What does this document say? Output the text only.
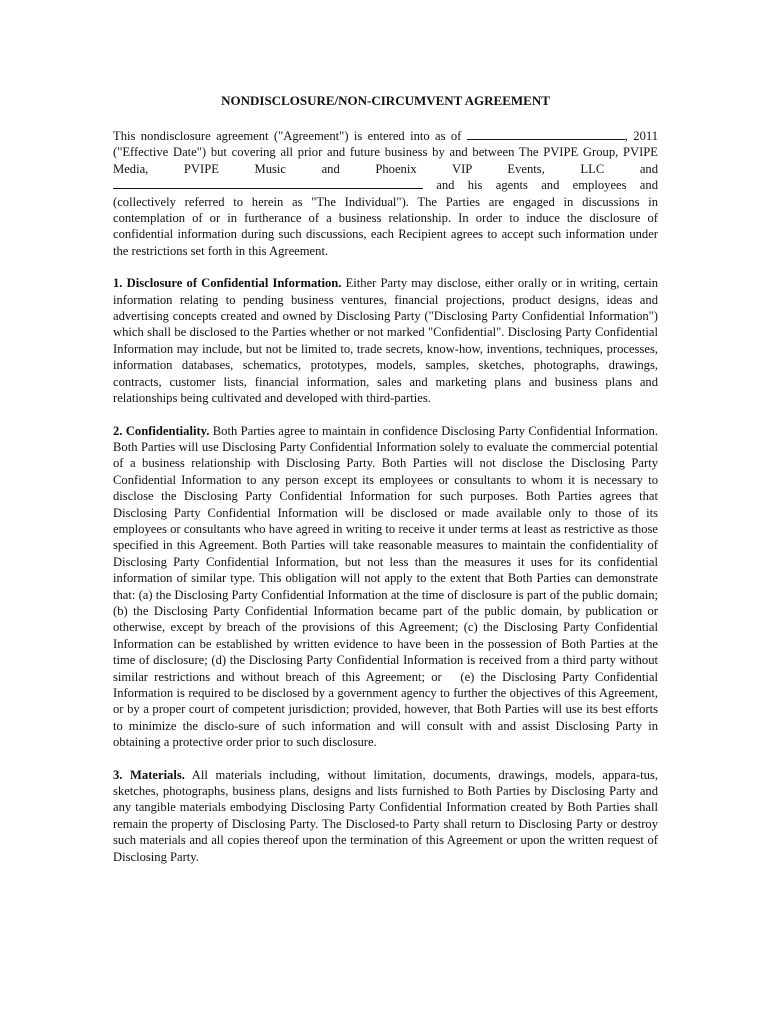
NONDISCLOSURE/NON-CIRCUMVENT AGREEMENT

This nondisclosure agreement ("Agreement") is entered into as of	, 2011 ("Effective Date") but covering all prior and future business by and between The PVIPE Group, PVIPE Media, PVIPE Music and Phoenix VIP Events, LLC and  and his agents and employees and (collectively referred to herein as "The Individual"). The Parties are engaged in discussions in contemplation of or in furtherance of a business relationship. In order to induce the disclosure of confidential information during such discussions, each Recipient agrees to accept such information under the restrictions set forth in this Agreement.

1. Disclosure of Confidential Information. Either Party may disclose, either orally or in writing, certain information relating to pending business ventures, financial projections, product designs, ideas and advertising concepts created and owned by Disclosing Party ("Disclosing Party Confidential Information") which shall be disclosed to the Parties whether or not marked "Confidential". Disclosing Party Confidential Information may include, but not be limited to, trade secrets, know-how, inventions, techniques, processes, information databases, schematics, prototypes, models, samples, sketches, photographs, drawings, contracts, customer lists, financial information, sales and marketing plans and business plans and relationships being cultivated and developed with third-parties.

2. Confidentiality. Both Parties agree to maintain in confidence Disclosing Party Confidential Information. Both Parties will use Disclosing Party Confidential Information solely to evaluate the commercial potential of a business relationship with Disclosing Party. Both Parties will not disclose the Disclosing Party Confidential Information to any person except its employees or consultants to whom it is necessary to disclose the Disclosing Party Confidential Information for such purposes. Both Parties agrees that Disclosing Party Confidential Information will be disclosed or made available only to those of its employees or consultants who have agreed in writing to receive it under terms at least as restrictive as those specified in this Agreement. Both Parties will take reasonable measures to maintain the confidentiality of Disclosing Party Confidential Information, but not less than the measures it uses for its confidential information of similar type. This obligation will not apply to the extent that Both Parties can demonstrate that: (a) the Disclosing Party Confidential Information at the time of disclosure is part of the public domain; (b) the Disclosing Party Confidential Information became part of the public domain, by publication or otherwise, except by breach of the provisions of this Agreement; (c) the Disclosing Party Confidential Information can be established by written evidence to have been in the possession of Both Parties at the time of disclosure; (d) the Disclosing Party Confidential Information is received from a third party without similar restrictions and without breach of this Agreement; or   (e) the Disclosing Party Confidential Information is required to be disclosed by a government agency to further the objectives of this Agreement, or by a proper court of competent jurisdiction; provided, however, that Both Parties will use its best efforts to minimize the disclo-sure of such information and will consult with and assist Disclosing Party in obtaining a protective order prior to such disclosure.

3. Materials. All materials including, without limitation, documents, drawings, models, appara-tus, sketches, photographs, business plans, designs and lists furnished to Both Parties by Disclosing Party and any tangible materials embodying Disclosing Party Confidential Information created by Both Parties shall remain the property of Disclosing Party. The Disclosed-to Party shall return to Disclosing Party or destroy such materials and all copies thereof upon the termination of this Agreement or upon the written request of Disclosing Party.
